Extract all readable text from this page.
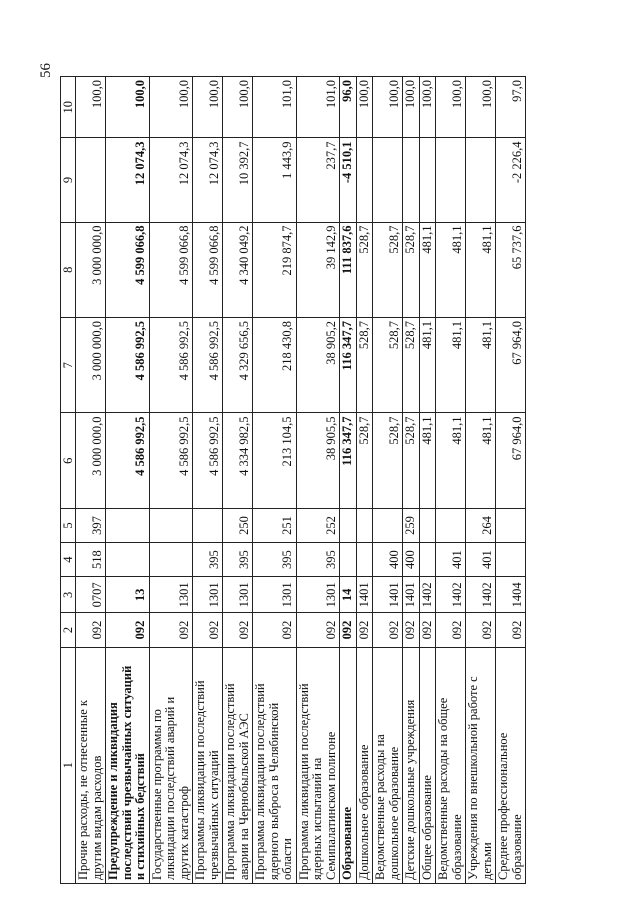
56
1	2	3	4	5	6	7	8	9	10

Прочие расходы, не отнесенные к другим видам расходов	092	0707	518	397	3 000 000,0	3 000 000,0	3 000 000,0		100,0

Предупреждение и ликвидация последствий чрезвычайных ситуаций и стихийных бедствий	092	13			4 586 992,5	4 586 992,5	4 599 066,8	12 074,3	100,0

Государственные программы по ликвидации последствий аварий и других катастроф	092	1301			4 586 992,5	4 586 992,5	4 599 066,8	12 074,3	100,0

Программы ликвидации последствий чрезвычайных ситуаций	092	1301	395		4 586 992,5	4 586 992,5	4 599 066,8	12 074,3	100,0

Программа ликвидации последствий аварии на Чернобыльской АЭС	092	1301	395	250	4 334 982,5	4 329 656,5	4 340 049,2	10 392,7	100,0

Программа ликвидации последствий ядерного выброса в Челябинской области	092	1301	395	251	213 104,5	218 430,8	219 874,7	1 443,9	101,0

Программа ликвидации последствий ядерных испытаний на Семипалатинском полигоне	092	1301	395	252	38 905,5	38 905,2	39 142,9	237,7	101,0

Образование	092	14			116 347,7	116 347,7	111 837,6	-4 510,1	96,0

Дошкольное образование	092	1401			528,7	528,7	528,7		100,0

Ведомственные расходы на дошкольное образование	092	1401	400		528,7	528,7	528,7		100,0

Детские дошкольные учреждения	092	1401	400	259	528,7	528,7	528,7		100,0

Общее образование	092	1402			481,1	481,1	481,1		100,0

Ведомственные расходы на общее образование	092	1402	401		481,1	481,1	481,1		100,0

Учреждения по внешкольной работе с детьми	092	1402	401	264	481,1	481,1	481,1		100,0

Среднее профессиональное образование	092	1404			67 964,0	67 964,0	65 737,6	-2 226,4	97,0
